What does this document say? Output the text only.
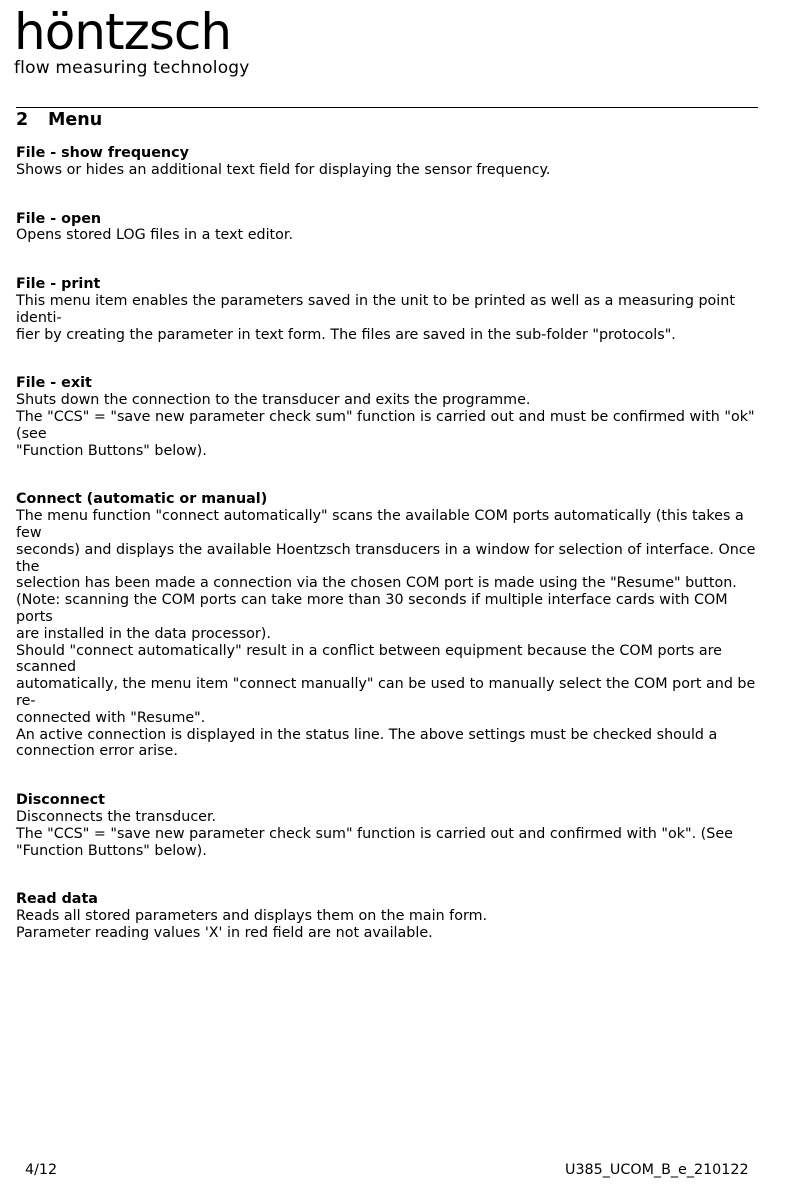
höntzsch
flow measuring technology
2 Menu
File - show frequency

Shows or hides an additional text field for displaying the sensor frequency.

File - open

Opens stored LOG files in a text editor.

File - print

This menu item enables the parameters saved in the unit to be printed as well as a measuring point identi-

fier by creating the parameter in text form. The files are saved in the sub-folder "protocols".

File - exit

Shuts down the connection to the transducer and exits the programme.

The "CCS" = "save new parameter check sum" function is carried out and must be confirmed with "ok" (see

"Function Buttons" below).

Connect (automatic or manual)

The menu function "connect automatically" scans the available COM ports automatically (this takes a few

seconds) and displays the available Hoentzsch transducers in a window for selection of interface. Once the

selection has been made a connection via the chosen COM port is made using the "Resume" button.

(Note: scanning the COM ports can take more than 30 seconds if multiple interface cards with COM ports

are installed in the data processor).

Should "connect automatically" result in a conflict between equipment because the COM ports are scanned

automatically, the menu item "connect manually" can be used to manually select the COM port and be re-

connected with "Resume".

An active connection is displayed in the status line. The above settings must be checked should a

connection error arise.

Disconnect

Disconnects the transducer.

The "CCS" = "save new parameter check sum" function is carried out and confirmed with "ok". (See

"Function Buttons" below).

Read data

Reads all stored parameters and displays them on the main form.

Parameter reading values 'X' in red field are not available.

4/12	U385_UCOM_B_e_210122
